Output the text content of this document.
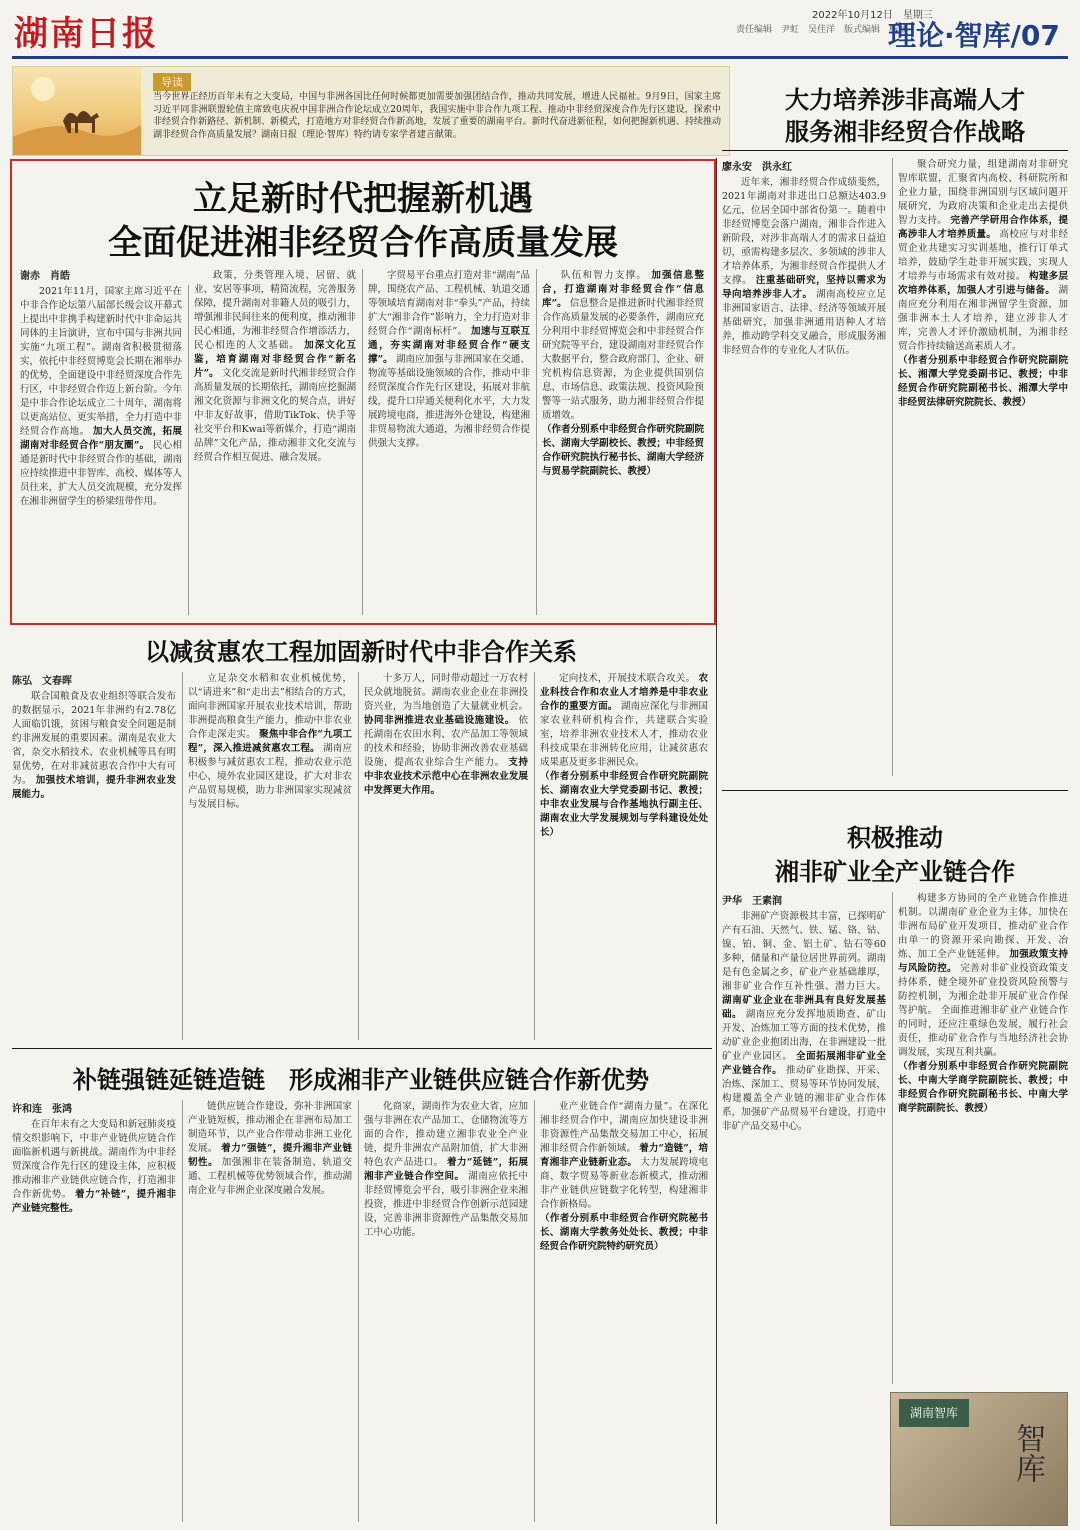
湖南日报	2022年10月12日　星期三
责任编辑　尹虹　吴佳洋　版式编辑　杨诚
理论·智库/07
导读
当今世界正经历百年未有之大变局，中国与非洲各国比任何时候都更加需要加强团结合作，推动共同发展，增进人民福祉。9月9日，国家主席习近平同非洲联盟轮值主席致电庆祝中国非洲合作论坛成立20周年，我国实施中非合作九项工程、推动中非经贸深度合作先行区建设，探索中非经贸合作新路径、新机制、新模式，打造地方对非经贸合作新高地，发展了重要的湖南平台。新时代奋进新征程，如何把握新机遇、持续推动湖非经贸合作高质量发展？湖南日报（理论·智库）特约请专家学者建言献策。
大力培养涉非高端人才
服务湘非经贸合作战略
立足新时代把握新机遇
全面促进湘非经贸合作高质量发展
谢赤　肖皓
2021年11月，国家主席习近平在中非合作论坛第八届部长级会议开幕式上提出中非携手构建新时代中非命运共同体的主旨演讲，宣布中国与非洲共同实施“九项工程”。湖南省积极贯彻落实，依托中非经贸博览会长期在湘举办的优势，全面建设中非经贸深度合作先行区，中非经贸合作迈上新台阶。今年是中非合作论坛成立二十周年，湖南将以更高站位、更实举措，全力打造中非经贸合作高地。 加大人员交流，拓展湖南对非经贸合作“朋友圈”。 民心相通是新时代中非经贸合作的基础，湖南应持续推进中非智库、高校、媒体等人员往来，扩大人员交流规模，充分发挥在湘非洲留学生的桥梁纽带作用。
政策，分类管理入境、居留、就业、安居等事项，精简流程，完善服务保障，提升湖南对非籍人员的吸引力，增强湘非民间往来的便利度，推动湘非民心相通，为湘非经贸合作增添活力，民心相连的人文基础。 加深文化互鉴，培育湖南对非经贸合作“新名片”。 文化交流是新时代湘非经贸合作高质量发展的长期依托，湖南应挖掘湖湘文化资源与非洲文化的契合点，讲好中非友好故事，借助TikTok、快手等社交平台和Kwai等新媒介，打造“湖南品牌”文化产品，推动湘非文化交流与经贸合作相互促进、融合发展。
字贸易平台重点打造对非“湖南”品牌，围绕农产品、工程机械、轨道交通等领域培育湖南对非“拳头”产品，持续扩大“湘非合作”影响力，全力打造对非经贸合作“湖南标杆”。 加速与互联互通，夯实湖南对非经贸合作“硬支撑”。 湖南应加强与非洲国家在交通、物流等基础设施领域的合作，推动中非经贸深度合作先行区建设，拓展对非航线，提升口岸通关便利化水平，大力发展跨境电商，推进海外仓建设，构建湘非贸易物流大通道，为湘非经贸合作提供强大支撑。
队伍和智力支撑。 加强信息整合，打造湖南对非经贸合作“信息库”。 信息整合是推进新时代湘非经贸合作高质量发展的必要条件，湖南应充分利用中非经贸博览会和中非经贸合作研究院等平台，建设湖南对非经贸合作大数据平台，整合政府部门、企业、研究机构信息资源，为企业提供国别信息、市场信息、政策法规、投资风险预警等一站式服务，助力湘非经贸合作提质增效。
（作者分别系中非经贸合作研究院副院长、湖南大学副校长、教授；中非经贸合作研究院执行秘书长、湖南大学经济与贸易学院副院长、教授）
廖永安　洪永红
近年来，湘非经贸合作成绩斐然，2021年湖南对非进出口总额达403.9亿元，位居全国中部省份第一。随着中非经贸博览会落户湖南，湘非合作进入新阶段，对涉非高端人才的需求日益迫切，亟需构建多层次、多领域的涉非人才培养体系，为湘非经贸合作提供人才支撑。 注重基础研究，坚持以需求为导向培养涉非人才。 湖南高校应立足非洲国家语言、法律、经济等领域开展基础研究，加强非洲通用语种人才培养，推动跨学科交叉融合，形成服务湘非经贸合作的专业化人才队伍。
聚合研究力量，组建湖南对非研究智库联盟，汇聚省内高校、科研院所和企业力量，围绕非洲国别与区域问题开展研究，为政府决策和企业走出去提供智力支持。 完善产学研用合作体系，提高涉非人才培养质量。 高校应与对非经贸企业共建实习实训基地，推行订单式培养，鼓励学生赴非开展实践，实现人才培养与市场需求有效对接。 构建多层次培养体系，加强人才引进与储备。 湖南应充分利用在湘非洲留学生资源，加强非洲本土人才培养，建立涉非人才库，完善人才评价激励机制，为湘非经贸合作持续输送高素质人才。
（作者分别系中非经贸合作研究院副院长、湘潭大学党委副书记、教授；中非经贸合作研究院副秘书长、湘潭大学中非经贸法律研究院院长、教授）
以减贫惠农工程加固新时代中非合作关系
陈弘　文春晖
联合国粮食及农业组织等联合发布的数据显示，2021年非洲约有2.78亿人面临饥饿，贫困与粮食安全问题是制约非洲发展的重要因素。湖南是农业大省，杂交水稻技术、农业机械等具有明显优势，在对非减贫惠农合作中大有可为。 加强技术培训，提升非洲农业发展能力。
立足杂交水稻和农业机械优势，以“请进来”和“走出去”相结合的方式，面向非洲国家开展农业技术培训，帮助非洲提高粮食生产能力，推动中非农业合作走深走实。 聚焦中非合作“九项工程”，深入推进减贫惠农工程。 湖南应积极参与减贫惠农工程，推动农业示范中心、境外农业园区建设，扩大对非农产品贸易规模，助力非洲国家实现减贫与发展目标。
十多万人，同时带动超过一万农村民众就地脱贫。湖南农业企业在非洲投资兴业，为当地创造了大量就业机会。 协同非洲推进农业基础设施建设。 依托湖南在农田水利、农产品加工等领域的技术和经验，协助非洲改善农业基础设施，提高农业综合生产能力。 支持中非农业技术示范中心在非洲农业发展中发挥更大作用。
定向技术，开展技术联合攻关。 农业科技合作和农业人才培养是中非农业合作的重要方面。 湖南应深化与非洲国家农业科研机构合作，共建联合实验室，培养非洲农业技术人才，推动农业科技成果在非洲转化应用，让减贫惠农成果惠及更多非洲民众。
（作者分别系中非经贸合作研究院副院长、湖南农业大学党委副书记、教授；中非农业发展与合作基地执行副主任、湖南农业大学发展规划与学科建设处处长）	积极推动
湘非矿业全产业链合作
尹华　王素润
非洲矿产资源极其丰富，已探明矿产有石油、天然气、铁、锰、铬、钴、镍、铂、铜、金、铝土矿、钻石等60多种，储量和产量位居世界前列。湖南是有色金属之乡，矿业产业基础雄厚，湘非矿业合作互补性强、潜力巨大。 湖南矿业企业在非洲具有良好发展基础。 湖南应充分发挥地质勘查、矿山开发、冶炼加工等方面的技术优势，推动矿业企业抱团出海，在非洲建设一批矿业产业园区。 全面拓展湘非矿业全产业链合作。 推动矿业勘探、开采、冶炼、深加工、贸易等环节协同发展，构建覆盖全产业链的湘非矿业合作体系，加强矿产品贸易平台建设，打造中非矿产品交易中心。
构建多方协同的全产业链合作推进机制。以湖南矿业企业为主体，加快在非洲布局矿业开发项目，推动矿业合作由单一的资源开采向勘探、开发、冶炼、加工全产业链延伸。 加强政策支持与风险防控。 完善对非矿业投资政策支持体系，健全境外矿业投资风险预警与防控机制，为湘企赴非开展矿业合作保驾护航。 全面推进湘非矿业产业链合作的同时，还应注重绿色发展，履行社会责任，推动矿业合作与当地经济社会协调发展，实现互利共赢。
（作者分别系中非经贸合作研究院副院长、中南大学商学院副院长、教授；中非经贸合作研究院副秘书长、中南大学商学院副院长、教授）
补链强链延链造链　形成湘非产业链供应链合作新优势
许和连　张鸿
在百年未有之大变局和新冠肺炎疫情交织影响下，中非产业链供应链合作面临新机遇与新挑战。湖南作为中非经贸深度合作先行区的建设主体，应积极推动湘非产业链供应链合作，打造湘非合作新优势。 着力“补链”，提升湘非产业链完整性。
链供应链合作建设，弥补非洲国家产业链短板，推动湘企在非洲布局加工制造环节，以产业合作带动非洲工业化发展。 着力“强链”，提升湘非产业链韧性。 加强湘非在装备制造、轨道交通、工程机械等优势领域合作，推动湖南企业与非洲企业深度融合发展。
化商家，湖南作为农业大省，应加强与非洲在农产品加工、仓储物流等方面的合作，推动建立湘非农业全产业链，提升非洲农产品附加值，扩大非洲特色农产品进口。 着力“延链”，拓展湘非产业链合作空间。 湖南应依托中非经贸博览会平台，吸引非洲企业来湘投资，推进中非经贸合作创新示范园建设，完善非洲非资源性产品集散交易加工中心功能。
业产业链合作“湖南力量”。在深化湘非经贸合作中，湖南应加快建设非洲非资源性产品集散交易加工中心，拓展湘非经贸合作新领域。 着力“造链”，培育湘非产业链新业态。 大力发展跨境电商、数字贸易等新业态新模式，推动湘非产业链供应链数字化转型，构建湘非合作新格局。
（作者分别系中非经贸合作研究院秘书长、湖南大学教务处处长、教授；中非经贸合作研究院特约研究员）
湖南智库
智库
